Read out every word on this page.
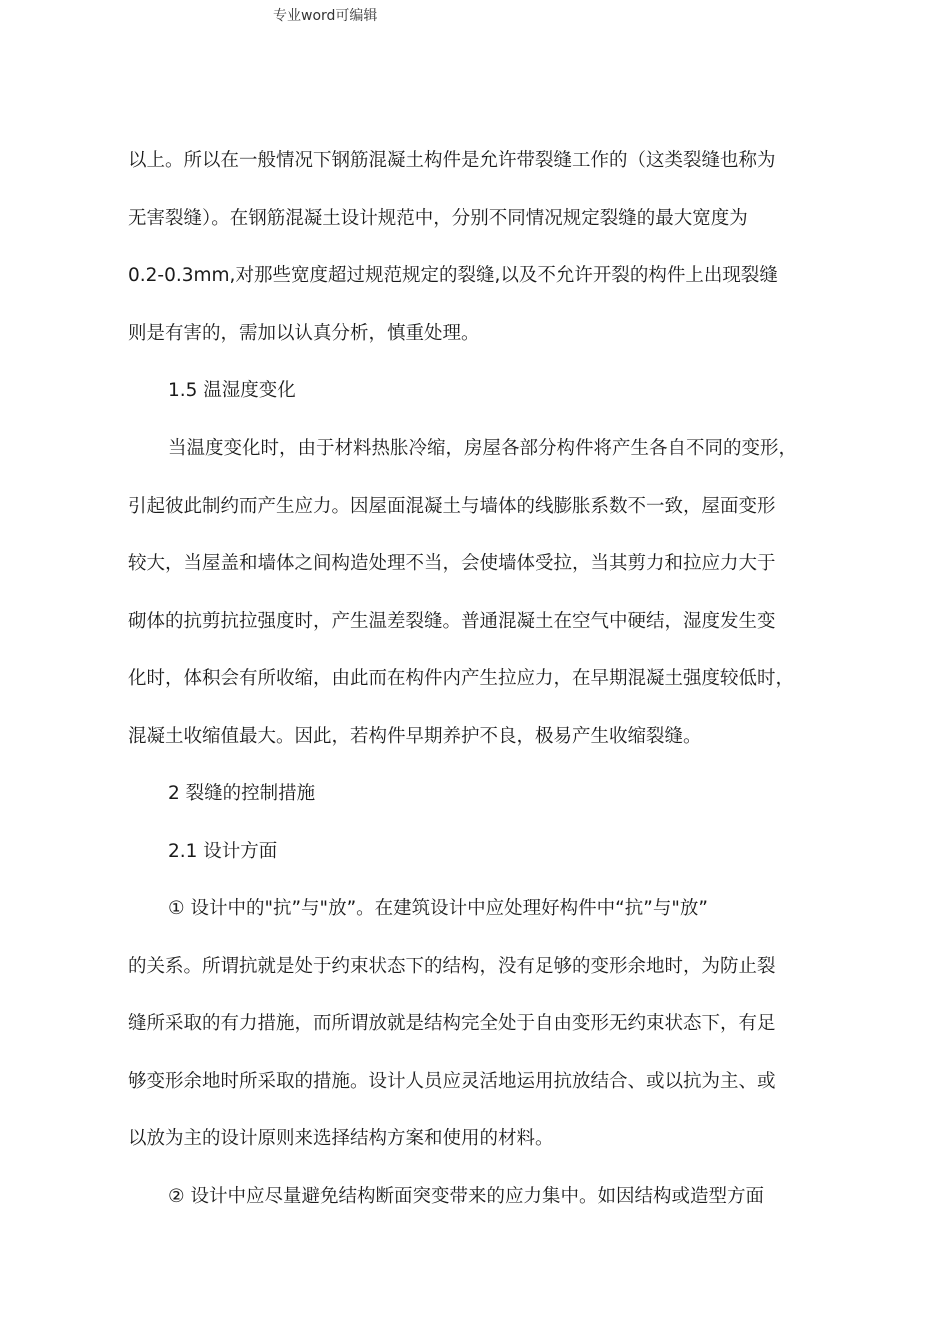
专业word可编辑
以上。所以在一般情况下钢筋混凝土构件是允许带裂缝工作的（这类裂缝也称为
无害裂缝）。在钢筋混凝土设计规范中，分别不同情况规定裂缝的最大宽度为
0.2-0.3mm,对那些宽度超过规范规定的裂缝,以及不允许开裂的构件上出现裂缝
则是有害的，需加以认真分析，慎重处理。
1.5 温湿度变化
当温度变化时，由于材料热胀冷缩，房屋各部分构件将产生各自不同的变形，
引起彼此制约而产生应力。因屋面混凝土与墙体的线膨胀系数不一致，屋面变形
较大，当屋盖和墙体之间构造处理不当，会使墙体受拉，当其剪力和拉应力大于
砌体的抗剪抗拉强度时，产生温差裂缝。普通混凝土在空气中硬结，湿度发生变
化时，体积会有所收缩，由此而在构件内产生拉应力，在早期混凝土强度较低时，
混凝土收缩值最大。因此，若构件早期养护不良，极易产生收缩裂缝。
2 裂缝的控制措施
2.1 设计方面
① 设计中的"抗”与"放”。在建筑设计中应处理好构件中“抗”与"放”
的关系。所谓抗就是处于约束状态下的结构，没有足够的变形余地时，为防止裂
缝所采取的有力措施，而所谓放就是结构完全处于自由变形无约束状态下，有足
够变形余地时所采取的措施。设计人员应灵活地运用抗放结合、或以抗为主、或
以放为主的设计原则来选择结构方案和使用的材料。
② 设计中应尽量避免结构断面突变带来的应力集中。如因结构或造型方面
